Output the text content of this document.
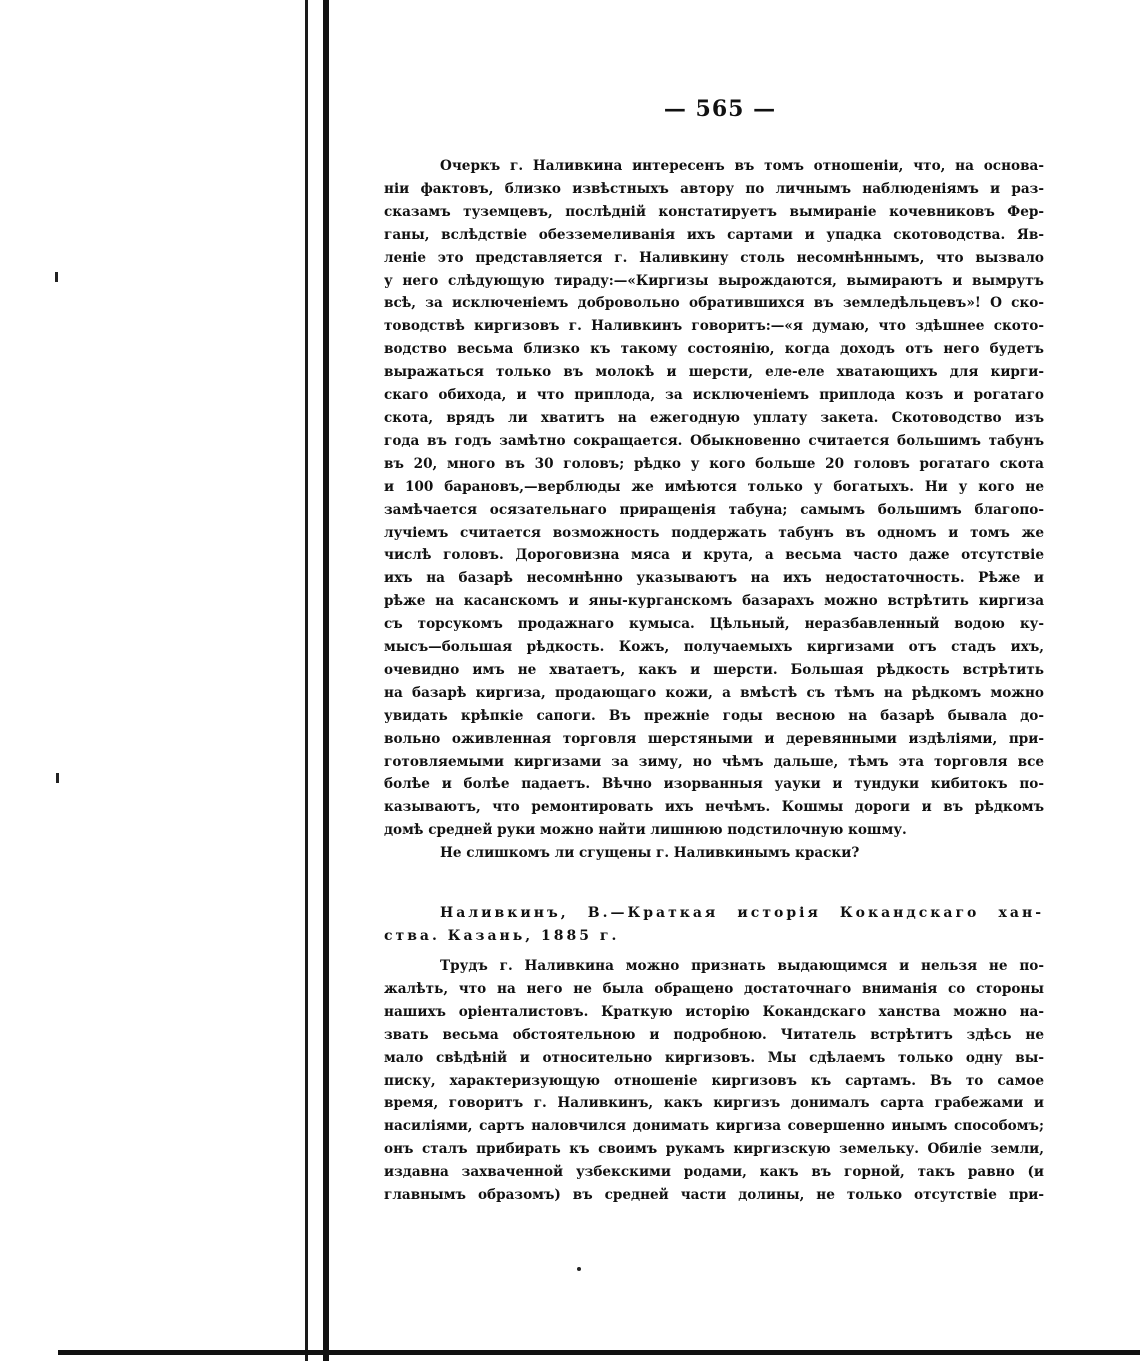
— 565 —
Очеркъ г. Наливкина интересенъ въ томъ отношенiи, что, на основа-
нiи фактовъ, близко извѣстныхъ автору по личнымъ наблюденiямъ и раз-
сказамъ туземцевъ, послѣднiй констатируетъ вымиранiе кочевниковъ Фер-
ганы, вслѣдствiе обезземеливанiя ихъ сартами и упадка скотоводства. Яв-
ленiе это представляется г. Наливкину столь несомнѣннымъ, что вызвало
у него слѣдующую тираду:—«Киргизы вырождаются, вымираютъ и вымрутъ
всѣ, за исключенiемъ добровольно обратившихся въ земледѣльцевъ»! О ско-
товодствѣ киргизовъ г. Наливкинъ говоритъ:—«я думаю, что здѣшнее ското-
водство весьма близко къ такому состоянiю, когда доходъ отъ него будетъ
выражаться только въ молокѣ и шерсти, еле-еле хватающихъ для кирги-
скаго обихода, и что приплода, за исключенiемъ приплода козъ и рогатаго
скота, врядъ ли хватитъ на ежегодную уплату закета. Скотоводство изъ
года въ годъ замѣтно сокращается. Обыкновенно считается большимъ табунъ
въ 20, много въ 30 головъ; рѣдко у кого больше 20 головъ рогатаго скота
и 100 барановъ,—верблюды же имѣются только у богатыхъ. Ни у кого не
замѣчается осязательнаго приращенiя табуна; самымъ большимъ благопо-
лучiемъ считается возможность поддержать табунъ въ одномъ и томъ же
числѣ головъ. Дороговизна мяса и крута, а весьма часто даже отсутствiе
ихъ на базарѣ несомнѣнно указываютъ на ихъ недостаточность. Рѣже и
рѣже на касанскомъ и яны-курганскомъ базарахъ можно встрѣтить киргиза
съ торсукомъ продажнаго кумыса. Цѣльный, неразбавленный водою ку-
мысъ—большая рѣдкость. Кожъ, получаемыхъ киргизами отъ стадъ ихъ,
очевидно имъ не хватаетъ, какъ и шерсти. Большая рѣдкость встрѣтить
на базарѣ киргиза, продающаго кожи, а вмѣстѣ съ тѣмъ на рѣдкомъ можно
увидать крѣпкiе сапоги. Въ прежнiе годы весною на базарѣ бывала до-
вольно оживленная торговля шерстяными и деревянными издѣлiями, при-
готовляемыми киргизами за зиму, но чѣмъ дальше, тѣмъ эта торговля все
болѣе и болѣе падаетъ. Вѣчно изорванныя уауки и тундуки кибитокъ по-
казываютъ, что ремонтировать ихъ нечѣмъ. Кошмы дороги и въ рѣдкомъ
домѣ средней руки можно найти лишнюю подстилочную кошму.
Не слишкомъ ли сгущены г. Наливкинымъ краски?
Наливкинъ, В.—Краткая исторiя Кокандскаго хан-
ства. Казань, 1885 г.
Трудъ г. Наливкина можно признать выдающимся и нельзя не по-
жалѣть, что на него не была обращено достаточнаго вниманiя со стороны
нашихъ орiенталистовъ. Краткую исторiю Кокандскаго ханства можно на-
звать весьма обстоятельною и подробною. Читатель встрѣтитъ здѣсь не
мало свѣдѣнiй и относительно киргизовъ. Мы сдѣлаемъ только одну вы-
писку, характеризующую отношенiе киргизовъ къ сартамъ. Въ то самое
время, говоритъ г. Наливкинъ, какъ киргизъ донималъ сарта грабежами и
насилiями, сартъ наловчился донимать киргиза совершенно инымъ способомъ;
онъ сталъ прибирать къ своимъ рукамъ киргизскую земельку. Обилiе земли,
издавна захваченной узбекскими родами, какъ въ горной, такъ равно (и
главнымъ образомъ) въ средней части долины, не только отсутствiе при-
